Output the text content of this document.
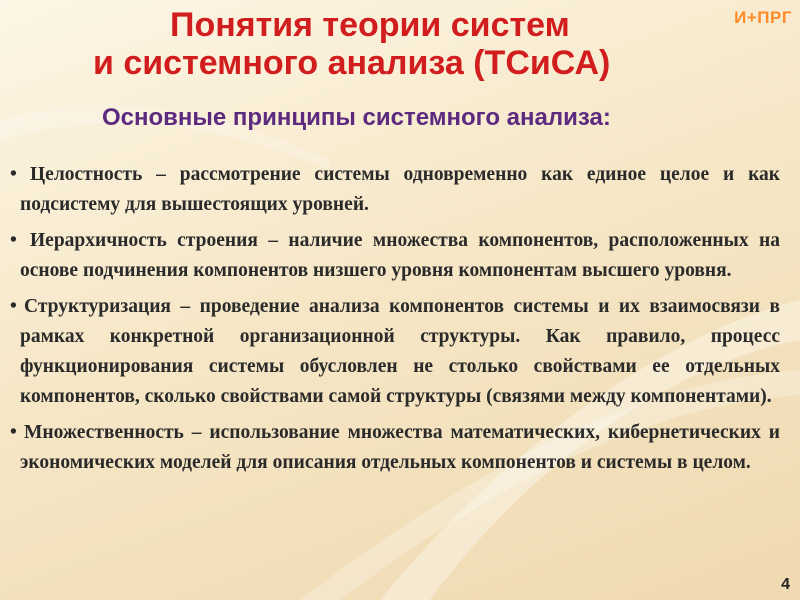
И+ПРГ
Понятия теории систем
и системного анализа (ТСиСА)
Основные принципы системного анализа:
• Целостность – рассмотрение системы одновременно как единое целое и как подсистему для вышестоящих уровней.
• Иерархичность строения – наличие множества компонентов, расположенных на основе подчинения компонентов низшего уровня компонентам высшего уровня.
• Структуризация – проведение анализа компонентов системы и их взаимосвязи в рамках конкретной организационной структуры. Как правило, процесс функционирования системы обусловлен не столько свойствами ее отдельных компонентов, сколько свойствами самой структуры (связями между компонентами).
• Множественность – использование множества математических, кибернетических и экономических моделей для описания отдельных компонентов и системы в целом.
4
